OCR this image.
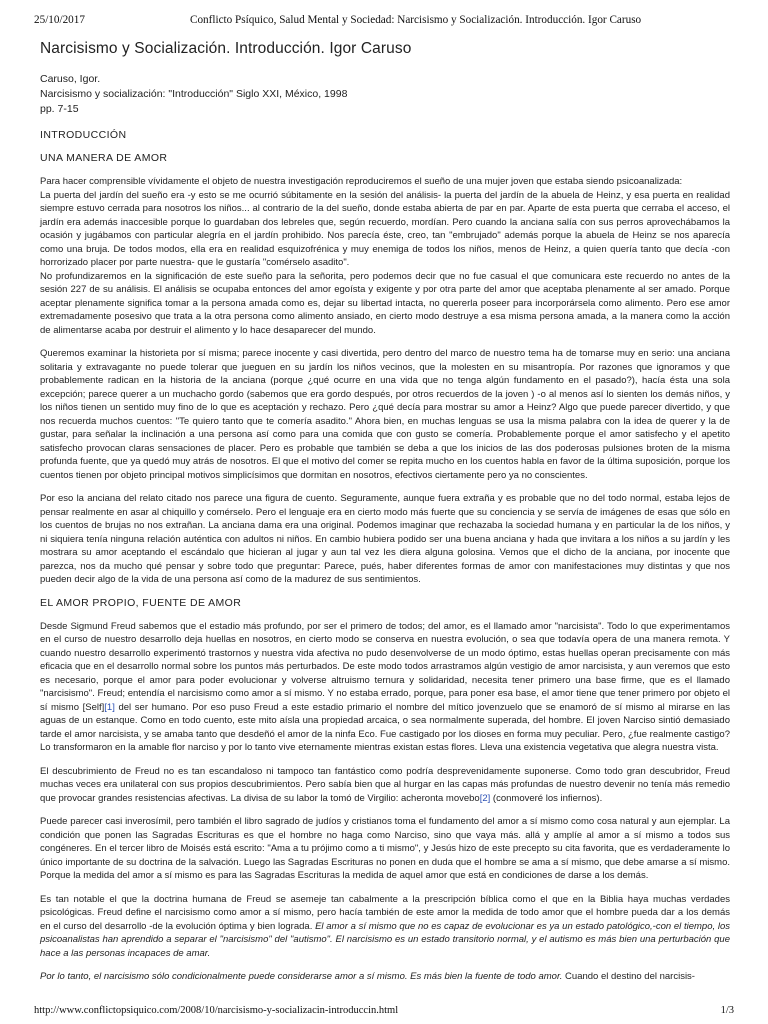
25/10/2017	Conflicto Psíquico, Salud Mental y Sociedad: Narcisismo y Socialización. Introducción. Igor Caruso
Narcisismo y Socialización. Introducción. Igor Caruso
Caruso, Igor.
Narcisismo y socialización: "Introducción" Siglo XXI, México, 1998
pp. 7-15
INTRODUCCIÓN
UNA MANERA DE AMOR

Para hacer comprensible vívidamente el objeto de nuestra investigación reproduciremos el sueño de una mujer joven que estaba siendo psicoanalizada:

La puerta del jardín del sueño era -y esto se me ocurrió súbitamente en la sesión del análisis- la puerta del jardín de la abuela de Heinz, y esa puerta en realidad siempre estuvo cerrada para nosotros los niños... al contrario de la del sueño, donde estaba abierta de par en par. Aparte de esta puerta que cerraba el acceso, el jardín era además inaccesible porque lo guardaban dos lebreles que, según recuerdo, mordían. Pero cuando la anciana salía con sus perros aprovechábamos la ocasión y jugábamos con particular alegría en el jardín prohibido. Nos parecía éste, creo, tan "embrujado" además porque la abuela de Heinz se nos aparecía como una bruja. De todos modos, ella era en realidad esquizofrénica y muy enemiga de todos los niños, menos de Heinz, a quien quería tanto que decía -con horrorizado placer por parte nuestra- que le gustaría "comérselo asadito".

No profundizaremos en la significación de este sueño para la señorita, pero podemos decir que no fue casual el que comunicara este recuerdo no antes de la sesión 227 de su análisis. El análisis se ocupaba entonces del amor egoísta y exigente y por otra parte del amor que aceptaba plenamente al ser amado. Porque aceptar plenamente significa tomar a la persona amada como es, dejar su libertad intacta, no quererla poseer para incorporársela como alimento. Pero ese amor extremadamente posesivo que trata a la otra persona como alimento ansiado, en cierto modo destruye a esa misma persona amada, a la manera como la acción de alimentarse acaba por destruir el alimento y lo hace desaparecer del mundo.

Queremos examinar la historieta por sí misma; parece inocente y casi divertida, pero dentro del marco de nuestro tema ha de tomarse muy en serio: una anciana solitaria y extravagante no puede tolerar que jueguen en su jardín los niños vecinos, que la molesten en su misantropía. Por razones que ignoramos y que probablemente radican en la historia de la anciana (porque ¿qué ocurre en una vida que no tenga algún fundamento en el pasado?), hacía ésta una sola excepción; parece querer a un muchacho gordo (sabemos que era gordo después, por otros recuerdos de la joven ) -o al menos así lo sienten los demás niños, y los niños tienen un sentido muy fino de lo que es aceptación y rechazo. Pero ¿qué decía para mostrar su amor a Heinz? Algo que puede parecer divertido, y que nos recuerda muchos cuentos: "Te quiero tanto que te comería asadito." Ahora bien, en muchas lenguas se usa la misma palabra con la idea de querer y la de gustar, para señalar la inclinación a una persona así como para una comida que con gusto se comería. Probablemente porque el amor satisfecho y el apetito satisfecho provocan claras sensaciones de placer. Pero es probable que también se deba a que los inicios de las dos poderosas pulsiones broten de la misma profunda fuente, que ya quedó muy atrás de nosotros. El que el motivo del comer se repita mucho en los cuentos habla en favor de la última suposición, porque los cuentos tienen por objeto principal motivos simplicísimos que dormitan en nosotros, efectivos ciertamente pero ya no conscientes.

Por eso la anciana del relato citado nos parece una figura de cuento. Seguramente, aunque fuera extraña y es probable que no del todo normal, estaba lejos de pensar realmente en asar al chiquillo y comérselo. Pero el lenguaje era en cierto modo más fuerte que su conciencia y se servía de imágenes de esas que sólo en los cuentos de brujas no nos extrañan. La anciana dama era una original. Podemos imaginar que rechazaba la sociedad humana y en particular la de los niños, y ni siquiera tenía ninguna relación auténtica con adultos ni niños. En cambio hubiera podido ser una buena anciana y hada que invitara a los niños a su jardín y les mostrara su amor aceptando el escándalo que hicieran al jugar y aun tal vez les diera alguna golosina. Vemos que el dicho de la anciana, por inocente que parezca, nos da mucho qué pensar y sobre todo que preguntar: Parece, pués, haber diferentes formas de amor con manifestaciones muy distintas y que nos pueden decir algo de la vida de una persona así como de la madurez de sus sentimientos.

EL AMOR PROPIO, FUENTE DE AMOR

Desde Sigmund Freud sabemos que el estadio más profundo, por ser el primero de todos; del amor, es el llamado amor "narcisista". Todo lo que experimentamos en el curso de nuestro desarrollo deja huellas en nosotros, en cierto modo se conserva en nuestra evolución, o sea que todavía opera de una manera remota. Y cuando nuestro desarrollo experimentó trastornos y nuestra vida afectiva no pudo desenvolverse de un modo óptimo, estas huellas operan precisamente con más eficacia que en el desarrollo normal sobre los puntos más perturbados. De este modo todos arrastramos algún vestigio de amor narcisista, y aun veremos que esto es necesario, porque el amor para poder evolucionar y volverse altruismo ternura y solidaridad, necesita tener primero una base firme, que es el llamado "narcisismo". Freud; entendía el narcisismo como amor a sí mismo. Y no estaba errado, porque, para poner esa base, el amor tiene que tener primero por objeto el sí mismo [Self][1] del ser humano. Por eso puso Freud a este estadio primario el nombre del mítico jovenzuelo que se enamoró de sí mismo al mirarse en las aguas de un estanque. Como en todo cuento, este mito aísla una propiedad arcaica, o sea normalmente superada, del hombre. El joven Narciso sintió demasiado tarde el amor narcisista, y se amaba tanto que desdeñó el amor de la ninfa Eco. Fue castigado por los dioses en forma muy peculiar. Pero, ¿fue realmente castigo? Lo transformaron en la amable flor narciso y por lo tanto vive eternamente mientras existan estas flores. Lleva una existencia vegetativa que alegra nuestra vista.

El descubrimiento de Freud no es tan escandaloso ni tampoco tan fantástico como podría desprevenidamente suponerse. Como todo gran descubridor, Freud muchas veces era unilateral con sus propios descubrimientos. Pero sabía bien que al hurgar en las capas más profundas de nuestro devenir no tenía más remedio que provocar grandes resistencias afectivas. La divisa de su labor la tomó de Virgilio: acheronta movebo[2] (conmoveré los infiernos).

Puede parecer casi inverosímil, pero también el libro sagrado de judíos y cristianos toma el fundamento del amor a sí mismo como cosa natural y aun ejemplar. La condición que ponen las Sagradas Escrituras es que el hombre no haga como Narciso, sino que vaya más. allá y amplíe al amor a sí mismo a todos sus congéneres. En el tercer libro de Moisés está escrito: "Ama a tu prójimo como a ti mismo", y Jesús hizo de este precepto su cita favorita, que es verdaderamente lo único importante de su doctrina de la salvación. Luego las Sagradas Escrituras no ponen en duda que el hombre se ama a sí mismo, que debe amarse a sí mismo. Porque la medida del amor a sí mismo es para las Sagradas Escrituras la medida de aquel amor que está en condiciones de darse a los demás.

Es tan notable el que la doctrina humana de Freud se asemeje tan cabalmente a la prescripción bíblica como el que en la Biblia haya muchas verdades psicológicas. Freud define el narcisismo como amor a sí mismo, pero hacía también de este amor la medida de todo amor que el hombre pueda dar a los demás en el curso del desarrollo -de la evolución óptima y bien lograda. El amor a sí mismo que no es capaz de evolucionar es ya un estado patológico,-con el tiempo, los psicoanalistas han aprendido a separar el "narcisismo" del "autismo". El narcisismo es un estado transitorio normal, y el autismo es más bien una perturbación que hace a las personas incapaces de amar.

Por lo tanto, el narcisismo sólo condicionalmente puede considerarse amor a sí mismo. Es más bien la fuente de todo amor. Cuando el destino del narcisis-

http://www.conflictopsiquico.com/2008/10/narcisismo-y-socializacin-introduccin.html	1/3
